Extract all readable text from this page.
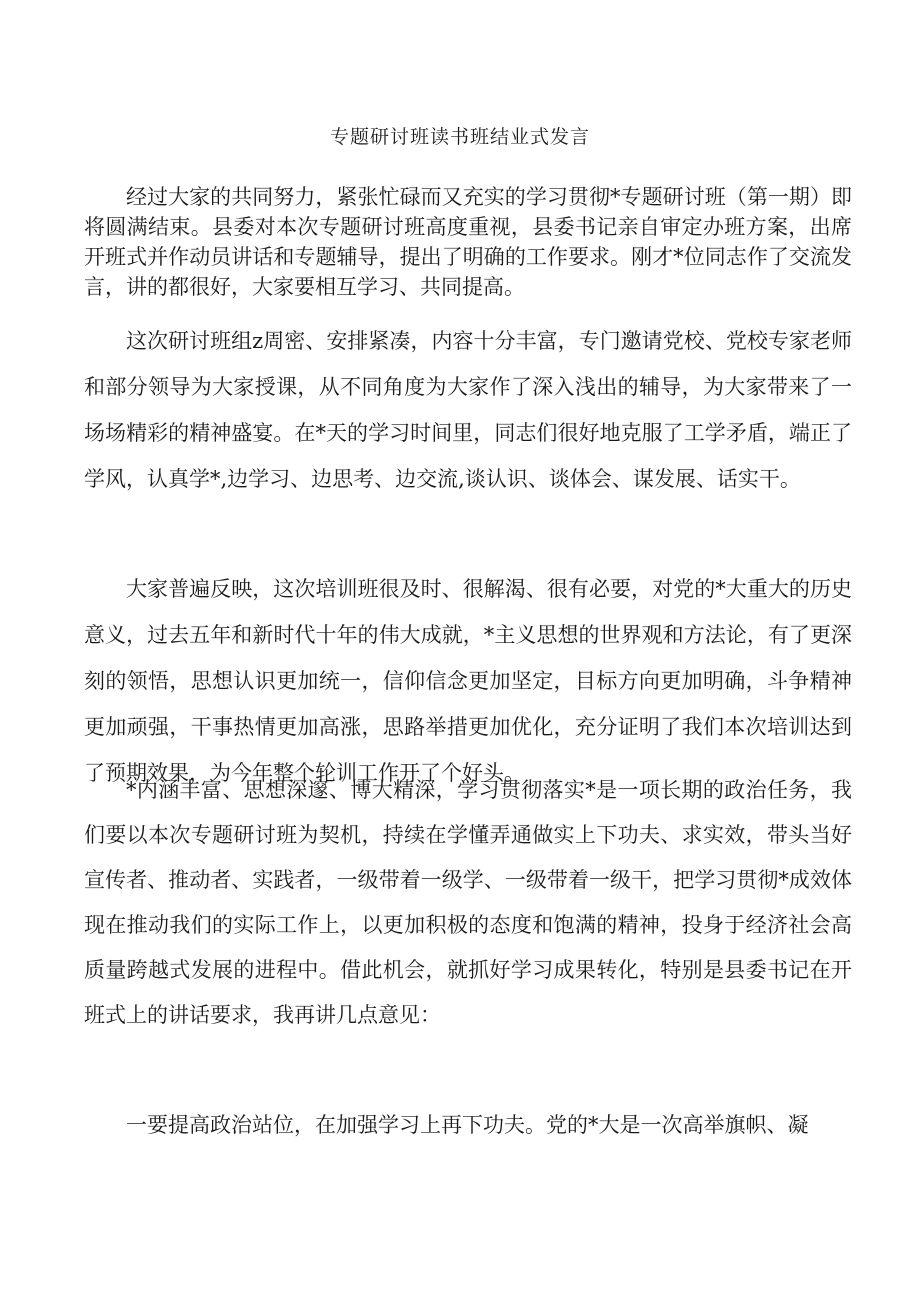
专题研讨班读书班结业式发言

经过大家的共同努力，紧张忙碌而又充实的学习贯彻*专题研讨班（第一期）即将圆满结束。县委对本次专题研讨班高度重视，县委书记亲自审定办班方案，出席开班式并作动员讲话和专题辅导，提出了明确的工作要求。刚才*位同志作了交流发言，讲的都很好，大家要相互学习、共同提高。

这次研讨班组z周密、安排紧凑，内容十分丰富，专门邀请党校、党校专家老师和部分领导为大家授课，从不同角度为大家作了深入浅出的辅导，为大家带来了一场场精彩的精神盛宴。在*天的学习时间里，同志们很好地克服了工学矛盾，端正了学风，认真学*,边学习、边思考、边交流,谈认识、谈体会、谋发展、话实干。

大家普遍反映，这次培训班很及时、很解渴、很有必要，对党的*大重大的历史意义，过去五年和新时代十年的伟大成就，*主义思想的世界观和方法论，有了更深刻的领悟，思想认识更加统一，信仰信念更加坚定，目标方向更加明确，斗争精神更加顽强，干事热情更加高涨，思路举措更加优化，充分证明了我们本次培训达到了预期效果，为今年整个轮训工作开了个好头。

*内涵丰富、思想深邃、博大精深，学习贯彻落实*是一项长期的政治任务，我们要以本次专题研讨班为契机，持续在学懂弄通做实上下功夫、求实效，带头当好宣传者、推动者、实践者，一级带着一级学、一级带着一级干，把学习贯彻*成效体现在推动我们的实际工作上，以更加积极的态度和饱满的精神，投身于经济社会高质量跨越式发展的进程中。借此机会，就抓好学习成果转化，特别是县委书记在开班式上的讲话要求，我再讲几点意见：

一要提高政治站位，在加强学习上再下功夫。党的*大是一次高举旗帜、凝
